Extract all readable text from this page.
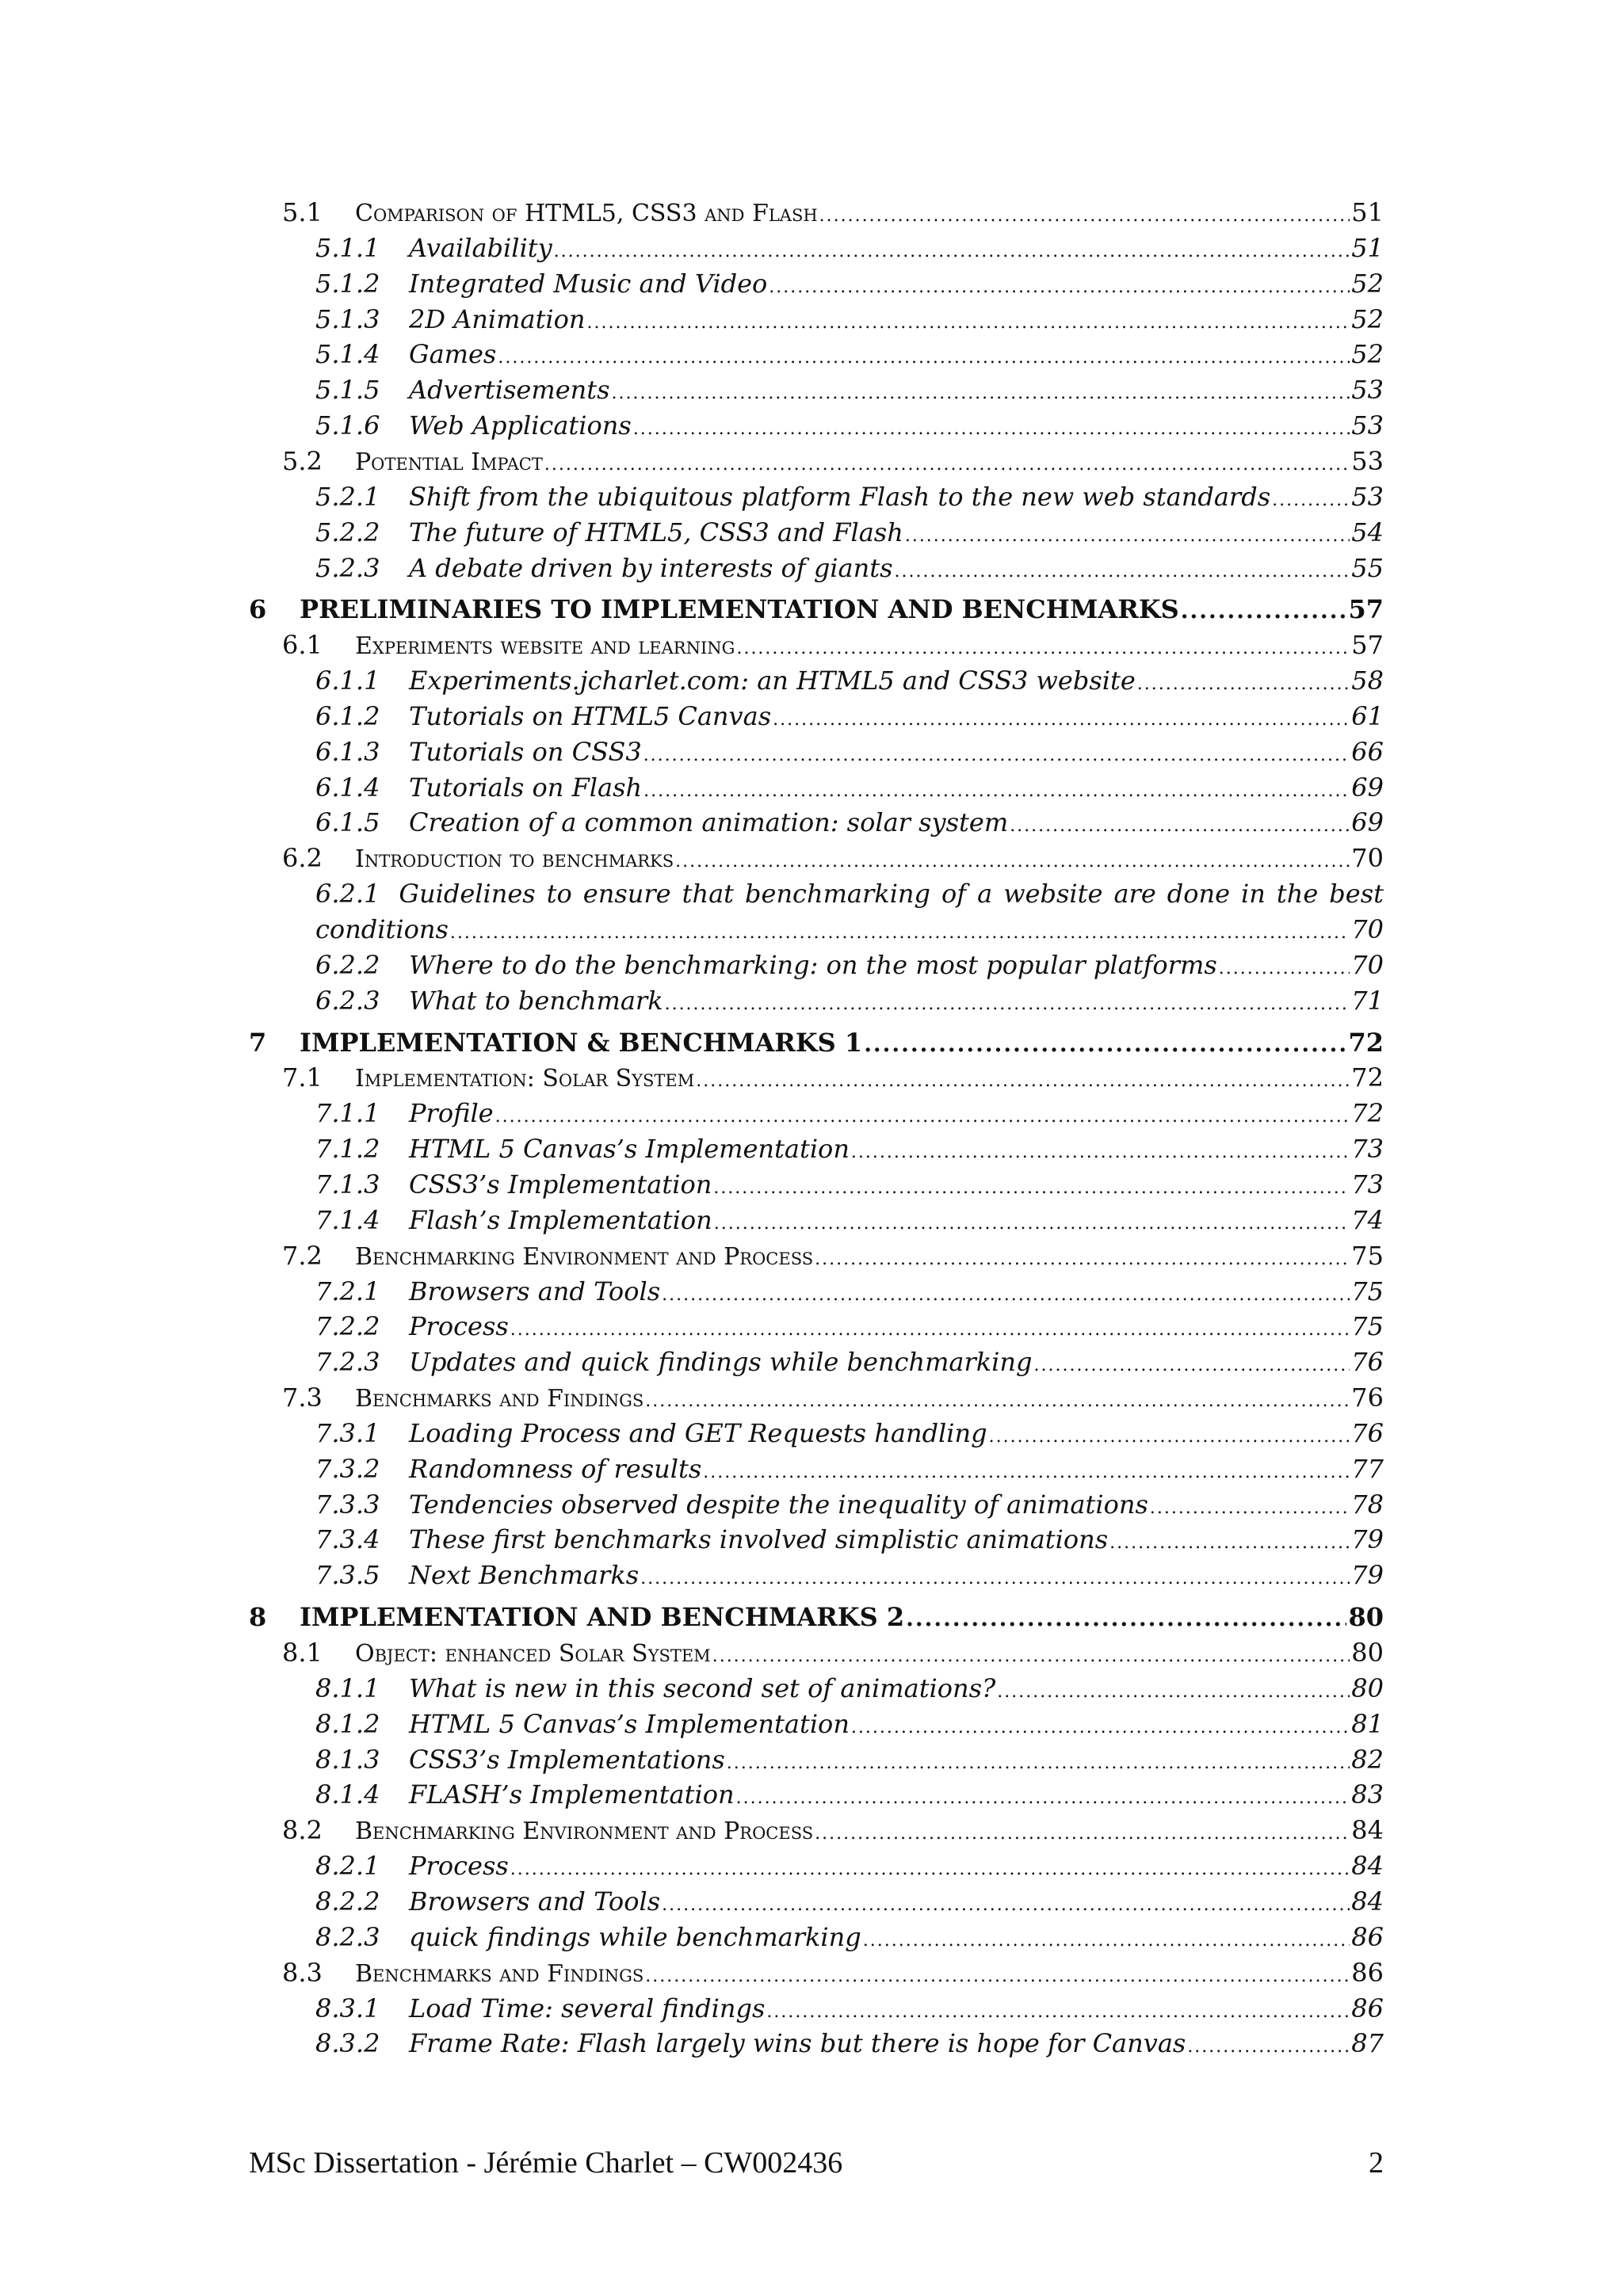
5.1	Comparison of HTML5, CSS3 and Flash .....	51
5.1.1	Availability .....	51
5.1.2	Integrated Music and Video .....	52
5.1.3	2D Animation .....	52
5.1.4	Games .....	52
5.1.5	Advertisements .....	53
5.1.6	Web Applications .....	53
5.2	Potential Impact .....	53
5.2.1	Shift from the ubiquitous platform Flash to the new web standards .....	53
5.2.2	The future of HTML5, CSS3 and Flash .....	54
5.2.3	A debate driven by interests of giants .....	55
6	PRELIMINARIES TO IMPLEMENTATION AND BENCHMARKS .....	57
6.1	Experiments website and learning .....	57
6.1.1	Experiments.jcharlet.com: an HTML5 and CSS3 website .....	58
6.1.2	Tutorials on HTML5 Canvas .....	61
6.1.3	Tutorials on CSS3 .....	66
6.1.4	Tutorials on Flash .....	69
6.1.5	Creation of a common animation: solar system .....	69
6.2	Introduction to benchmarks .....	70
6.2.1 Guidelines to ensure that benchmarking of a website are done in the best
conditions .....	70
6.2.2	Where to do the benchmarking: on the most popular platforms .....	70
6.2.3	What to benchmark .....	71
7	IMPLEMENTATION & BENCHMARKS 1 .....	72
7.1	Implementation: Solar System .....	72
7.1.1	Profile .....	72
7.1.2	HTML 5 Canvas’s Implementation .....	73
7.1.3	CSS3’s Implementation .....	73
7.1.4	Flash’s Implementation .....	74
7.2	Benchmarking Environment and Process .....	75
7.2.1	Browsers and Tools .....	75
7.2.2	Process .....	75
7.2.3	Updates and quick findings while benchmarking .....	76
7.3	Benchmarks and Findings .....	76
7.3.1	Loading Process and GET Requests handling .....	76
7.3.2	Randomness of results .....	77
7.3.3	Tendencies observed despite the inequality of animations .....	78
7.3.4	These first benchmarks involved simplistic animations .....	79
7.3.5	Next Benchmarks .....	79
8	IMPLEMENTATION AND BENCHMARKS 2 .....	80
8.1	Object: enhanced Solar System .....	80
8.1.1	What is new in this second set of animations? .....	80
8.1.2	HTML 5 Canvas’s Implementation .....	81
8.1.3	CSS3’s Implementations .....	82
8.1.4	FLASH’s Implementation .....	83
8.2	Benchmarking Environment and Process .....	84
8.2.1	Process .....	84
8.2.2	Browsers and Tools .....	84
8.2.3	quick findings while benchmarking .....	86
8.3	Benchmarks and Findings .....	86
8.3.1	Load Time: several findings .....	86
8.3.2	Frame Rate: Flash largely wins but there is hope for Canvas .....	87
MSc Dissertation - Jérémie Charlet – CW002436	2
